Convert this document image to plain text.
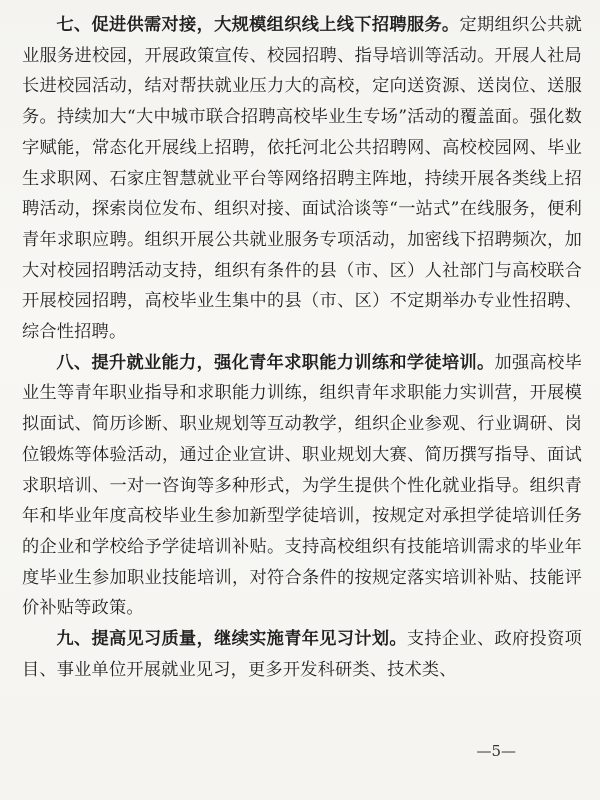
七、促进供需对接，大规模组织线上线下招聘服务。定期组织公共就业服务进校园，开展政策宣传、校园招聘、指导培训等活动。开展人社局长进校园活动，结对帮扶就业压力大的高校，定向送资源、送岗位、送服务。持续加大“大中城市联合招聘高校毕业生专场”活动的覆盖面。强化数字赋能，常态化开展线上招聘，依托河北公共招聘网、高校校园网、毕业生求职网、石家庄智慧就业平台等网络招聘主阵地，持续开展各类线上招聘活动，探索岗位发布、组织对接、面试洽谈等“一站式”在线服务，便利青年求职应聘。组织开展公共就业服务专项活动，加密线下招聘频次，加大对校园招聘活动支持，组织有条件的县（市、区）人社部门与高校联合开展校园招聘，高校毕业生集中的县（市、区）不定期举办专业性招聘、综合性招聘。

八、提升就业能力，强化青年求职能力训练和学徒培训。加强高校毕业生等青年职业指导和求职能力训练，组织青年求职能力实训营，开展模拟面试、简历诊断、职业规划等互动教学，组织企业参观、行业调研、岗位锻炼等体验活动，通过企业宣讲、职业规划大赛、简历撰写指导、面试求职培训、一对一咨询等多种形式，为学生提供个性化就业指导。组织青年和毕业年度高校毕业生参加新型学徒培训，按规定对承担学徒培训任务的企业和学校给予学徒培训补贴。支持高校组织有技能培训需求的毕业年度毕业生参加职业技能培训，对符合条件的按规定落实培训补贴、技能评价补贴等政策。

九、提高见习质量，继续实施青年见习计划。支持企业、政府投资项目、事业单位开展就业见习，更多开发科研类、技术类、

—5—
